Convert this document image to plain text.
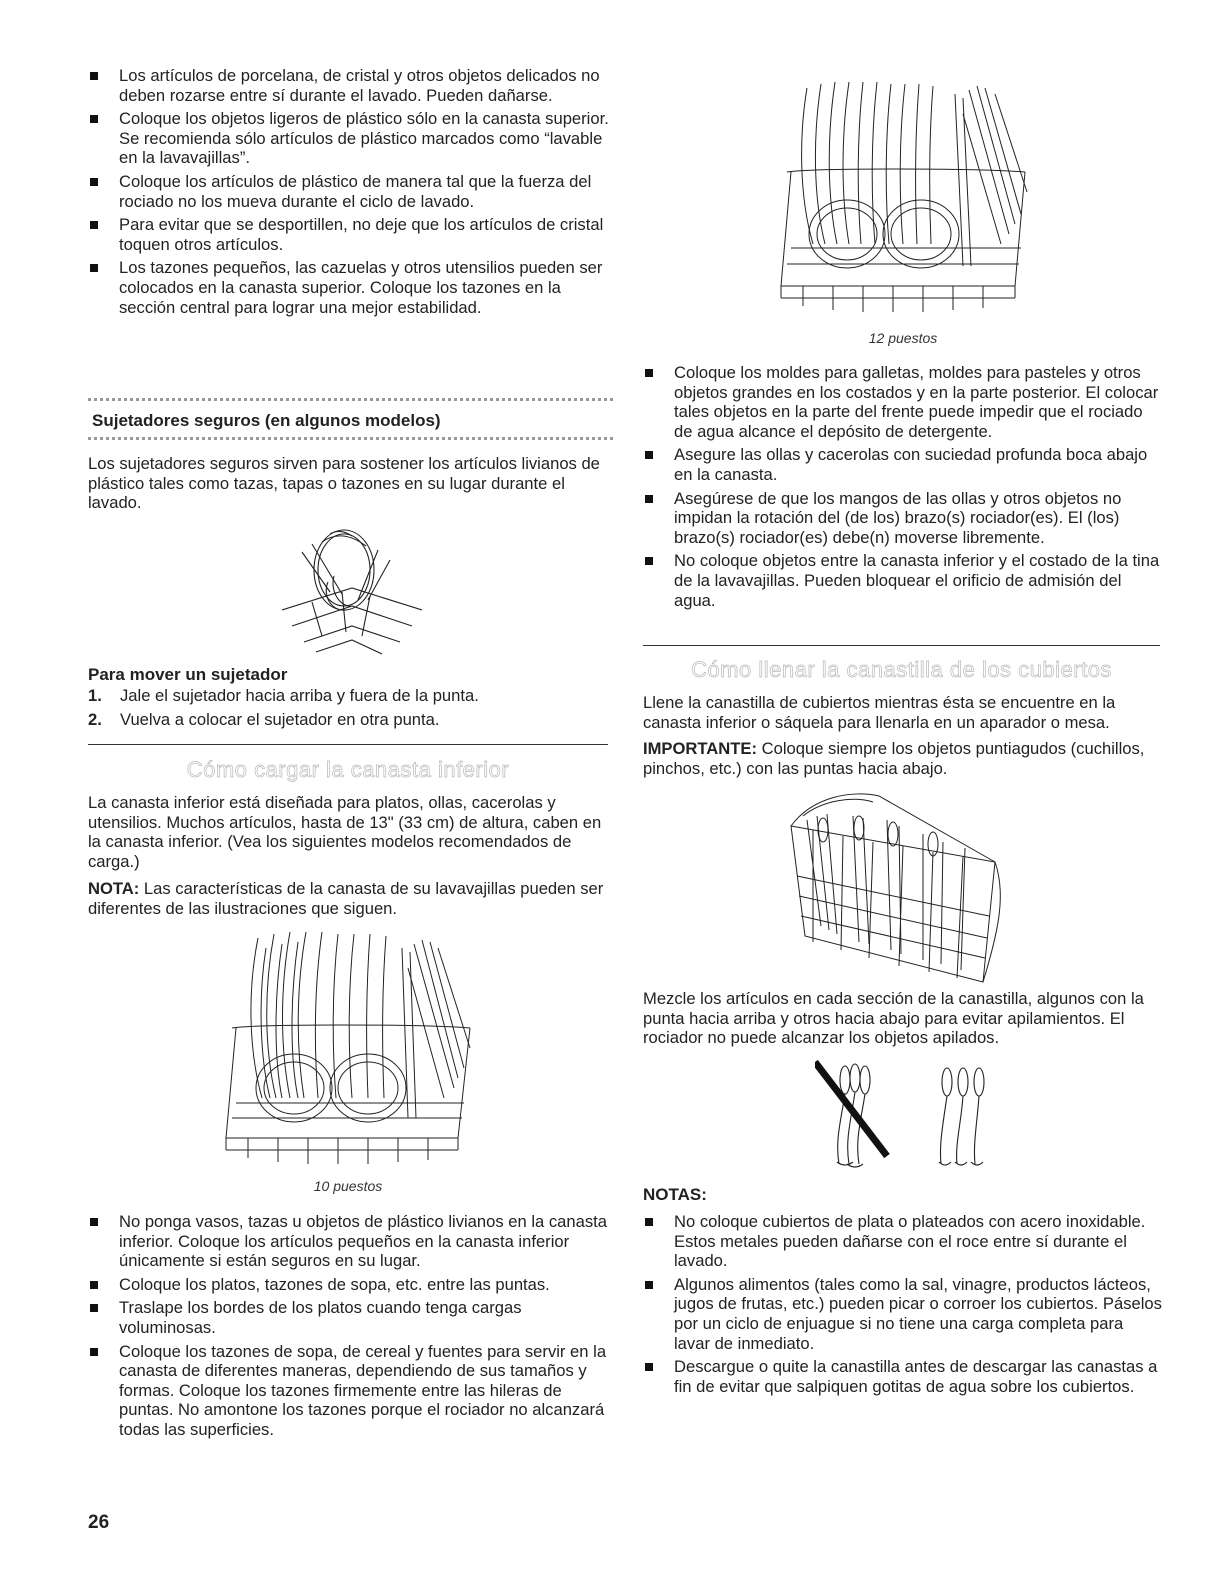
Los artículos de porcelana, de cristal y otros objetos delicados no deben rozarse entre sí durante el lavado. Pueden dañarse.
Coloque los objetos ligeros de plástico sólo en la canasta superior. Se recomienda sólo artículos de plástico marcados como “lavable en la lavavajillas”.
Coloque los artículos de plástico de manera tal que la fuerza del rociado no los mueva durante el ciclo de lavado.
Para evitar que se desportillen, no deje que los artículos de cristal toquen otros artículos.
Los tazones pequeños, las cazuelas y otros utensilios pueden ser colocados en la canasta superior. Coloque los tazones en la sección central para lograr una mejor estabilidad.
Sujetadores seguros (en algunos modelos)
Los sujetadores seguros sirven para sostener los artículos livianos de plástico tales como tazas, tapas o tazones en su lugar durante el lavado.
Para mover un sujetador
1. Jale el sujetador hacia arriba y fuera de la punta.
2. Vuelva a colocar el sujetador en otra punta.
Cómo cargar la canasta inferior
La canasta inferior está diseñada para platos, ollas, cacerolas y utensilios. Muchos artículos, hasta de 13" (33 cm) de altura, caben en la canasta inferior. (Vea los siguientes modelos recomendados de carga.)
NOTA: Las características de la canasta de su lavavajillas pueden ser diferentes de las ilustraciones que siguen.
10 puestos
No ponga vasos, tazas u objetos de plástico livianos en la canasta inferior. Coloque los artículos pequeños en la canasta inferior únicamente si están seguros en su lugar.
Coloque los platos, tazones de sopa, etc. entre las puntas.
Traslape los bordes de los platos cuando tenga cargas voluminosas.
Coloque los tazones de sopa, de cereal y fuentes para servir en la canasta de diferentes maneras, dependiendo de sus tamaños y formas. Coloque los tazones firmemente entre las hileras de puntas. No amontone los tazones porque el rociador no alcanzará todas las superficies.
12 puestos
Coloque los moldes para galletas, moldes para pasteles y otros objetos grandes en los costados y en la parte posterior. El colocar tales objetos en la parte del frente puede impedir que el rociado de agua alcance el depósito de detergente.
Asegure las ollas y cacerolas con suciedad profunda boca abajo en la canasta.
Asegúrese de que los mangos de las ollas y otros objetos no impidan la rotación del (de los) brazo(s) rociador(es). El (los) brazo(s) rociador(es) debe(n) moverse libremente.
No coloque objetos entre la canasta inferior y el costado de la tina de la lavavajillas. Pueden bloquear el orificio de admisión del agua.
Cómo llenar la canastilla de los cubiertos
Llene la canastilla de cubiertos mientras ésta se encuentre en la canasta inferior o sáquela para llenarla en un aparador o mesa.
IMPORTANTE: Coloque siempre los objetos puntiagudos (cuchillos, pinchos, etc.) con las puntas hacia abajo.
Mezcle los artículos en cada sección de la canastilla, algunos con la punta hacia arriba y otros hacia abajo para evitar apilamientos. El rociador no puede alcanzar los objetos apilados.
NOTAS:
No coloque cubiertos de plata o plateados con acero inoxidable. Estos metales pueden dañarse con el roce entre sí durante el lavado.
Algunos alimentos (tales como la sal, vinagre, productos lácteos, jugos de frutas, etc.) pueden picar o corroer los cubiertos. Páselos por un ciclo de enjuague si no tiene una carga completa para lavar de inmediato.
Descargue o quite la canastilla antes de descargar las canastas a fin de evitar que salpiquen gotitas de agua sobre los cubiertos.
26
